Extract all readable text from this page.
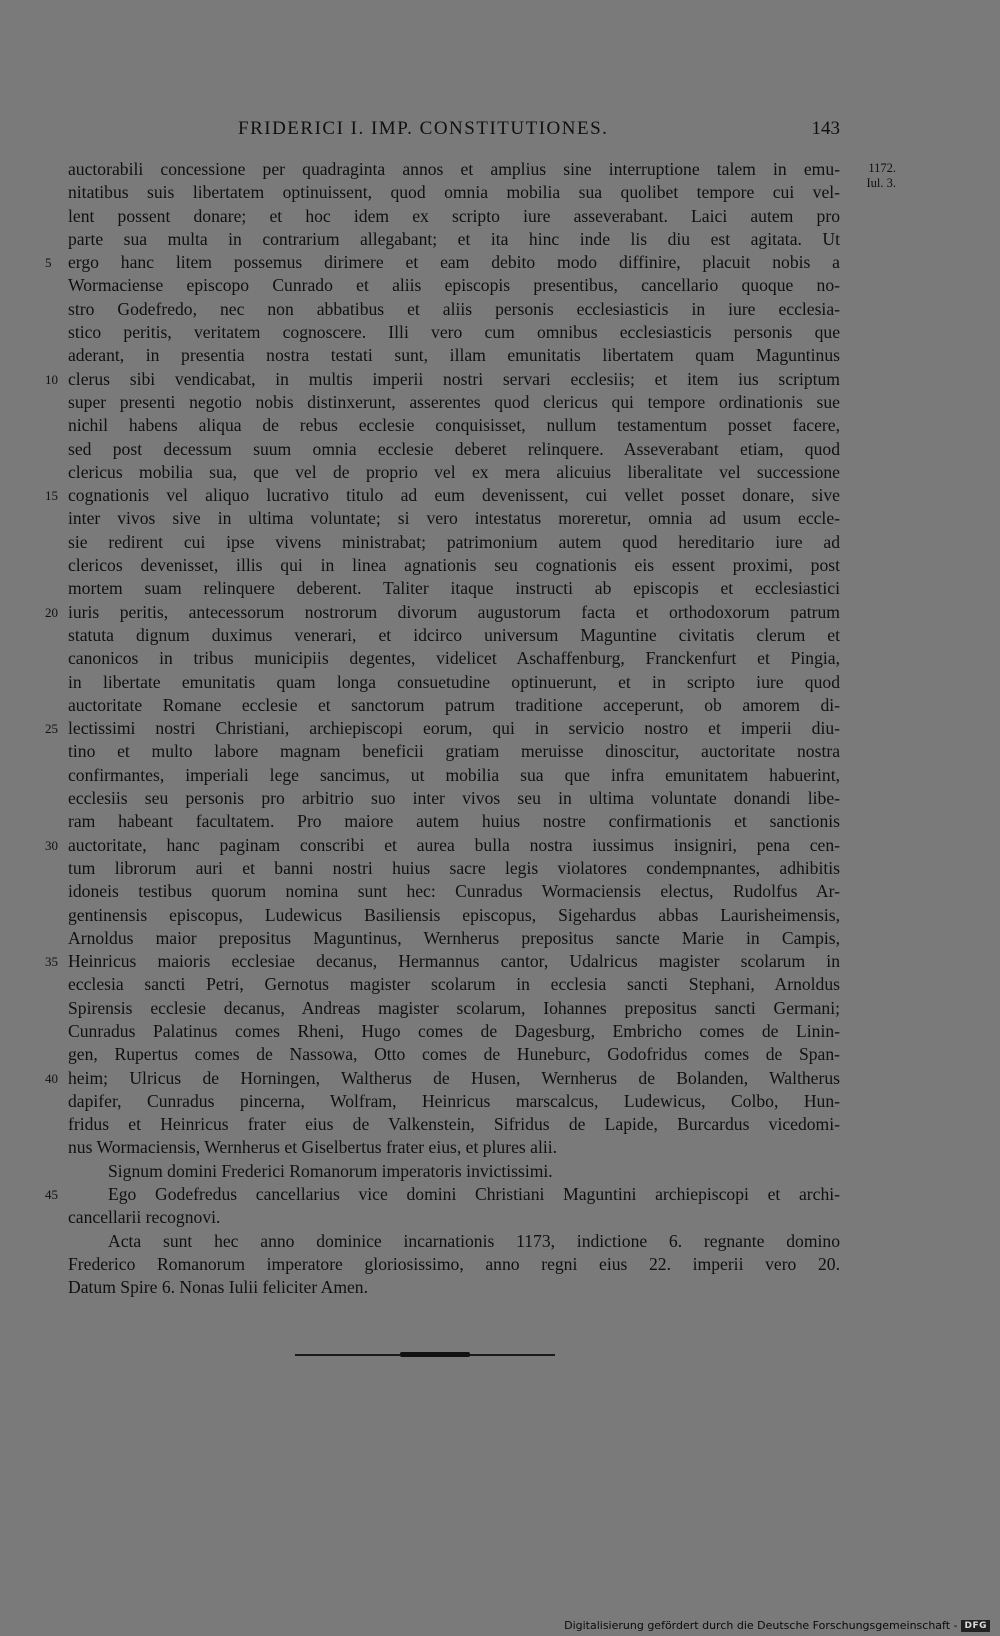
FRIDERICI I. IMP. CONSTITUTIONES.	143
1172.
Iul. 3.
auctorabili concessione per quadraginta annos et amplius sine interruptione talem in emu-
nitatibus suis libertatem optinuissent, quod omnia mobilia sua quolibet tempore cui vel-
lent possent donare; et hoc idem ex scripto iure asseverabant. Laici autem pro
parte sua multa in contrarium allegabant; et ita hinc inde lis diu est agitata. Ut
5 ergo hanc litem possemus dirimere et eam debito modo diffinire, placuit nobis a
Wormaciense episcopo Cunrado et aliis episcopis presentibus, cancellario quoque no-
stro Godefredo, nec non abbatibus et aliis personis ecclesiasticis in iure ecclesia-
stico peritis, veritatem cognoscere. Illi vero cum omnibus ecclesiasticis personis que
aderant, in presentia nostra testati sunt, illam emunitatis libertatem quam Maguntinus
10 clerus sibi vendicabat, in multis imperii nostri servari ecclesiis; et item ius scriptum
super presenti negotio nobis distinxerunt, asserentes quod clericus qui tempore ordinationis sue
nichil habens aliqua de rebus ecclesie conquisisset, nullum testamentum posset facere,
sed post decessum suum omnia ecclesie deberet relinquere. Asseverabant etiam, quod
clericus mobilia sua, que vel de proprio vel ex mera alicuius liberalitate vel successione
15 cognationis vel aliquo lucrativo titulo ad eum devenissent, cui vellet posset donare, sive
inter vivos sive in ultima voluntate; si vero intestatus moreretur, omnia ad usum eccle-
sie redirent cui ipse vivens ministrabat; patrimonium autem quod hereditario iure ad
clericos devenisset, illis qui in linea agnationis seu cognationis eis essent proximi, post
mortem suam relinquere deberent. Taliter itaque instructi ab episcopis et ecclesiastici
20 iuris peritis, antecessorum nostrorum divorum augustorum facta et orthodoxorum patrum
statuta dignum duximus venerari, et idcirco universum Maguntine civitatis clerum et
canonicos in tribus municipiis degentes, videlicet Aschaffenburg, Franckenfurt et Pingia,
in libertate emunitatis quam longa consuetudine optinuerunt, et in scripto iure quod
auctoritate Romane ecclesie et sanctorum patrum traditione acceperunt, ob amorem di-
25 lectissimi nostri Christiani, archiepiscopi eorum, qui in servicio nostro et imperii diu-
tino et multo labore magnam beneficii gratiam meruisse dinoscitur, auctoritate nostra
confirmantes, imperiali lege sancimus, ut mobilia sua que infra emunitatem habuerint,
ecclesiis seu personis pro arbitrio suo inter vivos seu in ultima voluntate donandi libe-
ram habeant facultatem. Pro maiore autem huius nostre confirmationis et sanctionis
30 auctoritate, hanc paginam conscribi et aurea bulla nostra iussimus insigniri, pena cen-
tum librorum auri et banni nostri huius sacre legis violatores condempnantes, adhibitis
idoneis testibus quorum nomina sunt hec: Cunradus Wormaciensis electus, Rudolfus Ar-
gentinensis episcopus, Ludewicus Basiliensis episcopus, Sigehardus abbas Laurisheimensis,
Arnoldus maior prepositus Maguntinus, Wernherus prepositus sancte Marie in Campis,
35 Heinricus maioris ecclesiae decanus, Hermannus cantor, Udalricus magister scolarum in
ecclesia sancti Petri, Gernotus magister scolarum in ecclesia sancti Stephani, Arnoldus
Spirensis ecclesie decanus, Andreas magister scolarum, Iohannes prepositus sancti Germani;
Cunradus Palatinus comes Rheni, Hugo comes de Dagesburg, Embricho comes de Linin-
gen, Rupertus comes de Nassowa, Otto comes de Huneburc, Godofridus comes de Span-
40 heim; Ulricus de Horningen, Waltherus de Husen, Wernherus de Bolanden, Waltherus
dapifer, Cunradus pincerna, Wolfram, Heinricus marscalcus, Ludewicus, Colbo, Hun-
fridus et Heinricus frater eius de Valkenstein, Sifridus de Lapide, Burcardus vicedomi-
nus Wormaciensis, Wernherus et Giselbertus frater eius, et plures alii.
Signum domini Frederici Romanorum imperatoris invictissimi.
45	Ego Godefredus cancellarius vice domini Christiani Maguntini archiepiscopi et archi-
cancellarii recognovi.
Acta sunt hec anno dominice incarnationis 1173, indictione 6. regnante domino
Frederico Romanorum imperatore gloriosissimo, anno regni eius 22. imperii vero 20.
Datum Spire 6. Nonas Iulii feliciter Amen.
Digitalisierung gefördert durch die Deutsche Forschungsgemeinschaft - DFG
